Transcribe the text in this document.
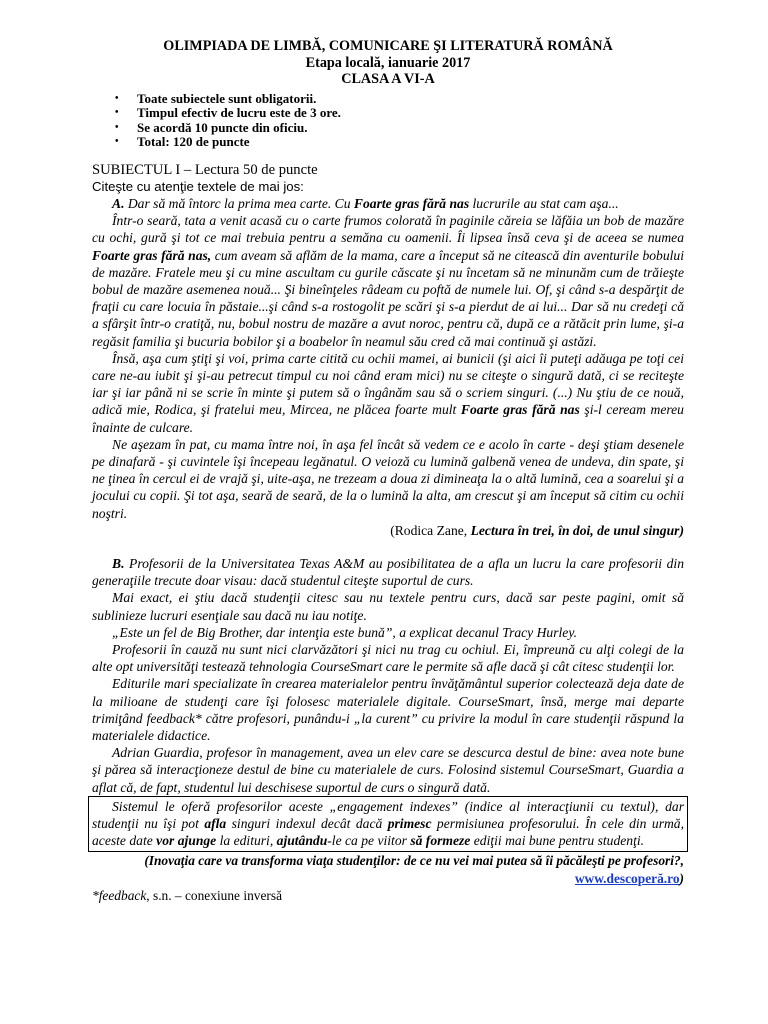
OLIMPIADA DE LIMBĂ, COMUNICARE ŞI LITERATURĂ ROMÂNĂ
Etapa locală, ianuarie 2017
CLASA A VI-A
• Toate subiectele sunt obligatorii.
• Timpul efectiv de lucru este de 3 ore.
• Se acordă 10 puncte din oficiu.
• Total: 120 de puncte
SUBIECTUL I – Lectura 50 de puncte
Citeşte cu atenţie textele de mai jos:

A. Dar să mă întorc la prima mea carte. Cu Foarte gras fără nas lucrurile au stat cam aşa...

Într-o seară, tata a venit acasă cu o carte frumos colorată în paginile căreia se lăfăia un bob de mazăre cu ochi, gură şi tot ce mai trebuia pentru a semăna cu oamenii. Îi lipsea însă ceva şi de aceea se numea Foarte gras fără nas, cum aveam să aflăm de la mama, care a început să ne citească din aventurile bobului de mazăre. Fratele meu şi cu mine ascultam cu gurile căscate şi nu încetam să ne minunăm cum de trăieşte bobul de mazăre asemenea nouă... Şi bineînţeles râdeam cu poftă de numele lui. Of, şi când s-a despărţit de fraţii cu care locuia în păstaie...şi când s-a rostogolit pe scări şi s-a pierdut de ai lui... Dar să nu credeţi că a sfârşit într-o cratiţă, nu, bobul nostru de mazăre a avut noroc, pentru că, după ce a rătăcit prin lume, şi-a regăsit familia şi bucuria bobilor şi a boabelor în neamul său cred că mai continuă şi astăzi.

Însă, aşa cum ştiţi şi voi, prima carte citită cu ochii mamei, ai bunicii (şi aici îi puteţi adăuga pe toţi cei care ne-au iubit şi şi-au petrecut timpul cu noi când eram mici) nu se citeşte o singură dată, ci se reciteşte iar şi iar până ni se scrie în minte şi putem să o îngânăm sau să o scriem singuri. (...) Nu ştiu de ce nouă, adică mie, Rodica, şi fratelui meu, Mircea, ne plăcea foarte mult Foarte gras fără nas şi-l ceream mereu înainte de culcare.

Ne aşezam în pat, cu mama între noi, în aşa fel încât să vedem ce e acolo în carte - deşi ştiam desenele pe dinafară - şi cuvintele îşi începeau legănatul. O veioză cu lumină galbenă venea de undeva, din spate, şi ne ţinea în cercul ei de vrajă şi, uite-aşa, ne trezeam a doua zi dimineaţa la o altă lumină, cea a soarelui şi a jocului cu copii. Şi tot aşa, seară de seară, de la o lumină la alta, am crescut şi am început să citim cu ochii noştri.

(Rodica Zane, Lectura în trei, în doi, de unul singur)

B. Profesorii de la Universitatea Texas A&M au posibilitatea de a afla un lucru la care profesorii din generaţiile trecute doar visau: dacă studentul citeşte suportul de curs.

Mai exact, ei ştiu dacă studenţii citesc sau nu textele pentru curs, dacă sar peste pagini, omit să sublinieze lucruri esenţiale sau dacă nu iau notiţe.

„Este un fel de Big Brother, dar intenţia este bună”, a explicat decanul Tracy Hurley.

Profesorii în cauză nu sunt nici clarvăzători şi nici nu trag cu ochiul. Ei, împreună cu alţi colegi de la alte opt universităţi testează tehnologia CourseSmart care le permite să afle dacă şi cât citesc studenţii lor.

Editurile mari specializate în crearea materialelor pentru învăţământul superior colectează deja date de la milioane de studenţi care îşi folosesc materialele digitale. CourseSmart, însă, merge mai departe trimiţând feedback* către profesori, punându-i „la curent” cu privire la modul în care studenţii răspund la materialele didactice.

Adrian Guardia, profesor în management, avea un elev care se descurca destul de bine: avea note bune şi părea să interacţioneze destul de bine cu materialele de curs. Folosind sistemul CourseSmart, Guardia a aflat că, de fapt, studentul lui deschisese suportul de curs o singură dată.

Sistemul le oferă profesorilor aceste „engagement indexes” (indice al interacţiunii cu textul), dar studenţii nu îşi pot afla singuri indexul decât dacă primesc permisiunea profesorului. În cele din urmă, aceste date vor ajunge la edituri, ajutându-le ca pe viitor să formeze ediţii mai bune pentru studenţi.

(Inovaţia care va transforma viaţa studenţilor: de ce nu vei mai putea să îi păcăleşti pe profesori?, www.descoperă.ro)

*feedback, s.n. – conexiune inversă
